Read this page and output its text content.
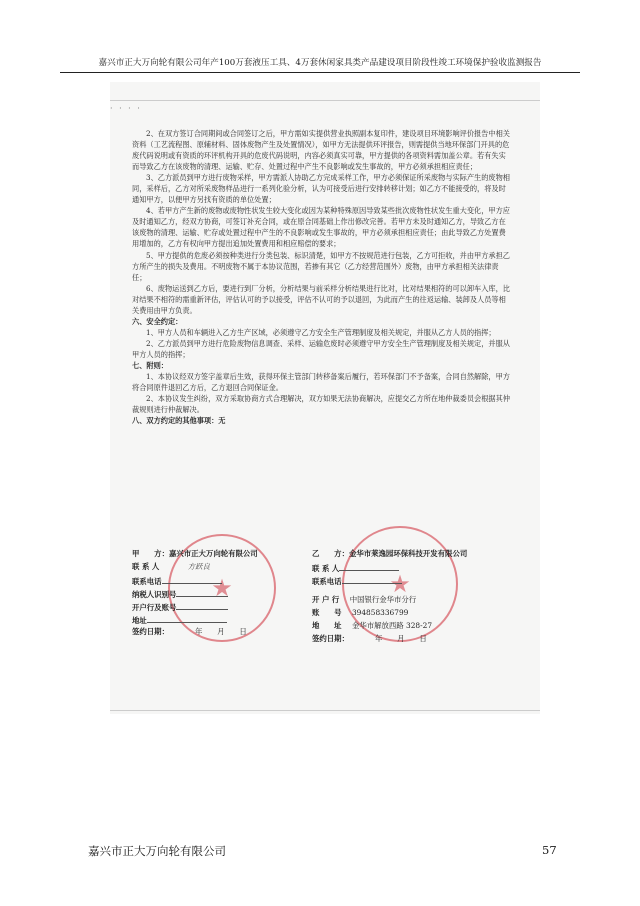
嘉兴市正大万向轮有限公司年产100万套液压工具、4万套休闲家具类产品建设项目阶段性竣工环境保护验收监测报告
· · · ·

2、在双方签订合同期间或合同签订之后，甲方需如实提供营业执照副本复印件，建设项目环境影响评价报告中相关资料（工艺流程图、原辅材料、固体废物产生及处置情况），如甲方无法提供环评报告，则需提供当地环保部门开具的危废代码说明或有资质的环评机构开具的危废代码说明，内容必须真实可靠，甲方提供的各项资料需加盖公章。若有失实而导致乙方在该废物的清理、运输、贮存、处置过程中产生不良影响或发生事故的，甲方必须承担相应责任；

3、乙方派员到甲方进行废物采样，甲方需派人协助乙方完成采样工作，甲方必须保证所采废物与实际产生的废物相同，采样后，乙方对所采废物样品进行一系列化验分析，认为可接受后进行安排转移计划；如乙方不能接受的，将及时通知甲方，以便甲方另找有资质的单位处置；

4、若甲方产生新的废物或废物性状发生较大变化或因为某种特殊原因导致某些批次废物性状发生重大变化，甲方应及时通知乙方，经双方协商，可签订补充合同，或在原合同基础上作出修改完善。若甲方未及时通知乙方，导致乙方在该废物的清理、运输、贮存或处置过程中产生的不良影响或发生事故的，甲方必须承担相应责任；由此导致乙方处置费用增加的，乙方有权向甲方提出追加处置费用和相应赔偿的要求；

5、甲方提供的危废必须按种类进行分类包装、标识清楚，如甲方不按规范进行包装，乙方可拒收，并由甲方承担乙方所产生的损失及费用。不明废物不属于本协议范围，若掺有其它（乙方经营范围外）废物，由甲方承担相关法律责任；

6、废物运送到乙方后，要进行到厂分析，分析结果与前采样分析结果进行比对，比对结果相符的可以卸车入库，比对结果不相符的需重新评估，评估认可的予以接受，评估不认可的予以退回，为此而产生的往返运输、装卸及人员等相关费用由甲方负责。

六、安全约定：

1、甲方人员和车辆进入乙方生产区域，必须遵守乙方安全生产管理制度及相关规定，并服从乙方人员的指挥；

2、乙方派员到甲方进行危险废物信息调查、采样、运输危废时必须遵守甲方安全生产管理制度及相关规定，并服从甲方人员的指挥；

七、附则：

1、本协议经双方签字盖章后生效，获得环保主管部门转移备案后履行，若环保部门不予备案，合同自然解除，甲方将合同原件退回乙方后，乙方退回合同保证金。

2、本协议发生纠纷，双方采取协商方式合理解决，双方如果无法协商解决，应提交乙方所在地仲裁委员会根据其仲裁规则进行仲裁解决。

八、双方约定的其他事项：无

★	★
甲　　方：嘉兴市正大万向轮有限公司
联 系 人	方跃良
联系电话
纳税人识别号
开户行及账号
地址
签约日期：	年　　月　　日
乙　　方：金华市莱逸园环保科技开发有限公司
联 系 人
联系电话
开 户 行 中国银行金华市分行
账　　号 394858336799
地　　址 金华市解放西路 328-27
签约日期：	年　　月　　日
嘉兴市正大万向轮有限公司	57
